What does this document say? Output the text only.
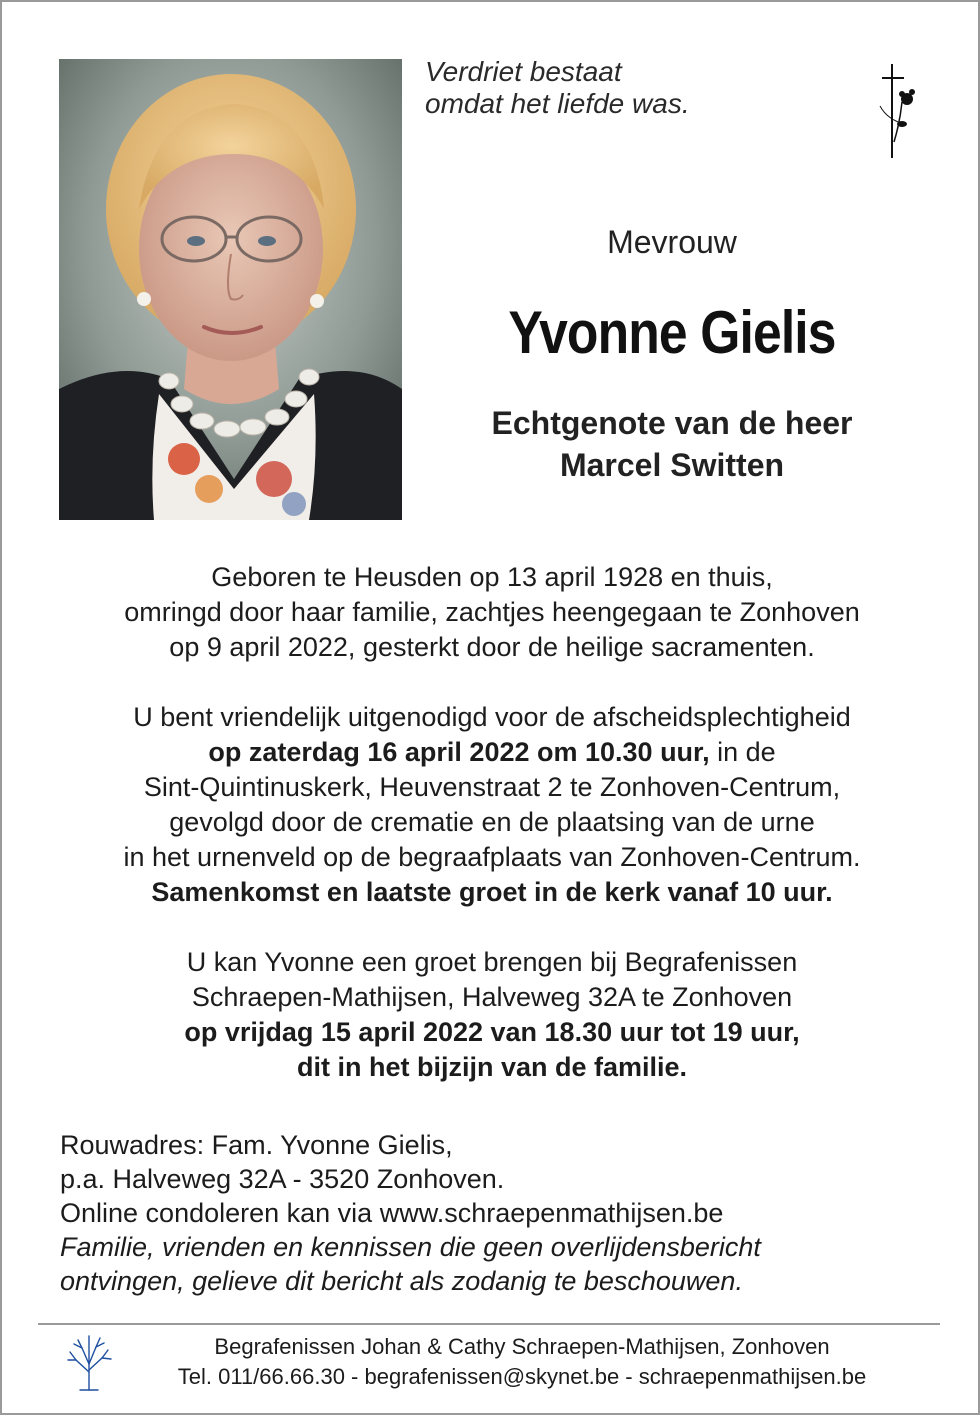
Verdriet bestaat
omdat het liefde was.
Mevrouw
Yvonne Gielis
Echtgenote van de heer
Marcel Switten
Geboren te Heusden op 13 april 1928 en thuis,
omringd door haar familie, zachtjes heengegaan te Zonhoven
op 9 april 2022, gesterkt door de heilige sacramenten.
U bent vriendelijk uitgenodigd voor de afscheidsplechtigheid
op zaterdag 16 april 2022 om 10.30 uur, in de
Sint-Quintinuskerk, Heuvenstraat 2 te Zonhoven-Centrum,
gevolgd door de crematie en de plaatsing van de urne
in het urnenveld op de begraafplaats van Zonhoven-Centrum.
Samenkomst en laatste groet in de kerk vanaf 10 uur.
U kan Yvonne een groet brengen bij Begrafenissen
Schraepen-Mathijsen, Halveweg 32A te Zonhoven
op vrijdag 15 april 2022 van 18.30 uur tot 19 uur,
dit in het bijzijn van de familie.
Rouwadres: Fam. Yvonne Gielis,
p.a. Halveweg 32A - 3520 Zonhoven.
Online condoleren kan via www.schraepenmathijsen.be
Familie, vrienden en kennissen die geen overlijdensbericht
ontvingen, gelieve dit bericht als zodanig te beschouwen.
Begrafenissen Johan & Cathy Schraepen-Mathijsen, Zonhoven
Tel. 011/66.66.30 - begrafenissen@skynet.be - schraepenmathijsen.be
